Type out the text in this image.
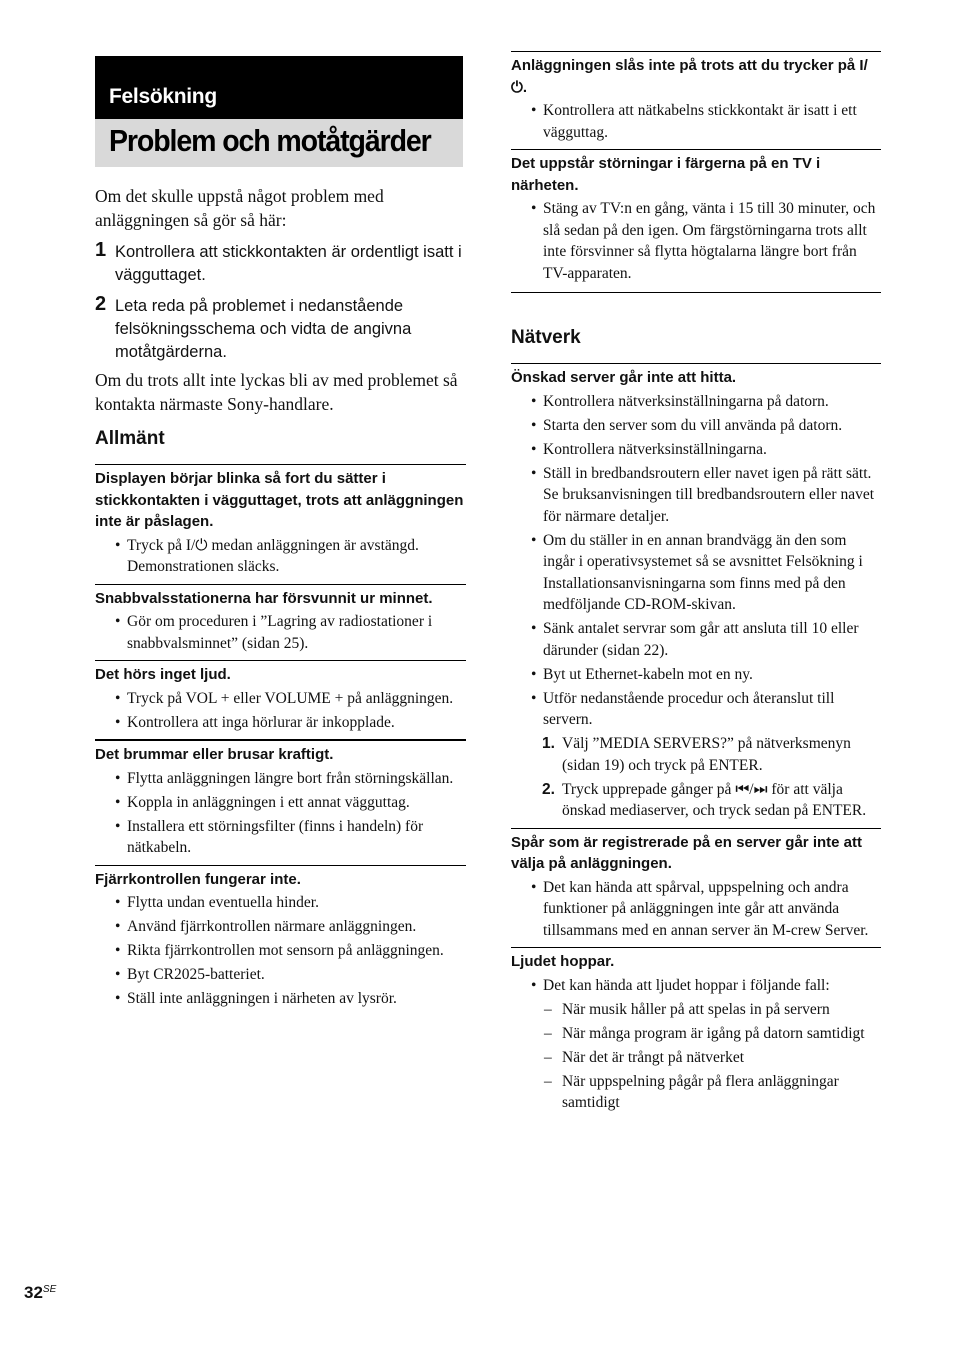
Felsökning
Problem och motåtgärder
Om det skulle uppstå något problem med anläggningen så gör så här:
1 Kontrollera att stickkontakten är ordentligt isatt i vägguttaget.
2 Leta reda på problemet i nedanstående felsökningsschema och vidta de angivna motåtgärderna.
Om du trots allt inte lyckas bli av med problemet så kontakta närmaste Sony-handlare.
Allmänt
Displayen börjar blinka så fort du sätter i stickkontakten i vägguttaget, trots att anläggningen inte är påslagen.
• Tryck på I/⏻ medan anläggningen är avstängd. Demonstrationen släcks.
Snabbvalsstationerna har försvunnit ur minnet.
• Gör om proceduren i ”Lagring av radiostationer i snabbvalsminnet” (sidan 25).
Det hörs inget ljud.
• Tryck på VOL + eller VOLUME + på anläggningen.
• Kontrollera att inga hörlurar är inkopplade.
Det brummar eller brusar kraftigt.
• Flytta anläggningen längre bort från störningskällan.
• Koppla in anläggningen i ett annat vägguttag.
• Installera ett störningsfilter (finns i handeln) för nätkabeln.
Fjärrkontrollen fungerar inte.
• Flytta undan eventuella hinder.
• Använd fjärrkontrollen närmare anläggningen.
• Rikta fjärrkontrollen mot sensorn på anläggningen.
• Byt CR2025-batteriet.
• Ställ inte anläggningen i närheten av lysrör.
Anläggningen slås inte på trots att du trycker på I/⏻.
• Kontrollera att nätkabelns stickkontakt är isatt i ett vägguttag.
Det uppstår störningar i färgerna på en TV i närheten.
• Stäng av TV:n en gång, vänta i 15 till 30 minuter, och slå sedan på den igen. Om färgstörningarna trots allt inte försvinner så flytta högtalarna längre bort från TV-apparaten.
Nätverk
Önskad server går inte att hitta.
• Kontrollera nätverksinställningarna på datorn.
• Starta den server som du vill använda på datorn.
• Kontrollera nätverksinställningarna.
• Ställ in bredbandsroutern eller navet igen på rätt sätt. Se bruksanvisningen till bredbandsroutern eller navet för närmare detaljer.
• Om du ställer in en annan brandvägg än den som ingår i operativsystemet så se avsnittet Felsökning i Installationsanvisningarna som finns med på den medföljande CD-ROM-skivan.
• Sänk antalet servrar som går att ansluta till 10 eller därunder (sidan 22).
• Byt ut Ethernet-kabeln mot en ny.
• Utför nedanstående procedur och återanslut till servern.
1. Välj ”MEDIA SERVERS?” på nätverksmenyn (sidan 19) och tryck på ENTER.
2. Tryck upprepade gånger på ⏮/⏭ för att välja önskad mediaserver, och tryck sedan på ENTER.
Spår som är registrerade på en server går inte att välja på anläggningen.
• Det kan hända att spårval, uppspelning och andra funktioner på anläggningen inte går att använda tillsammans med en annan server än M-crew Server.
Ljudet hoppar.
• Det kan hända att ljudet hoppar i följande fall:
– När musik håller på att spelas in på servern
– När många program är igång på datorn samtidigt
– När det är trångt på nätverket
– När uppspelning pågår på flera anläggningar samtidigt
$32^{SE}$
